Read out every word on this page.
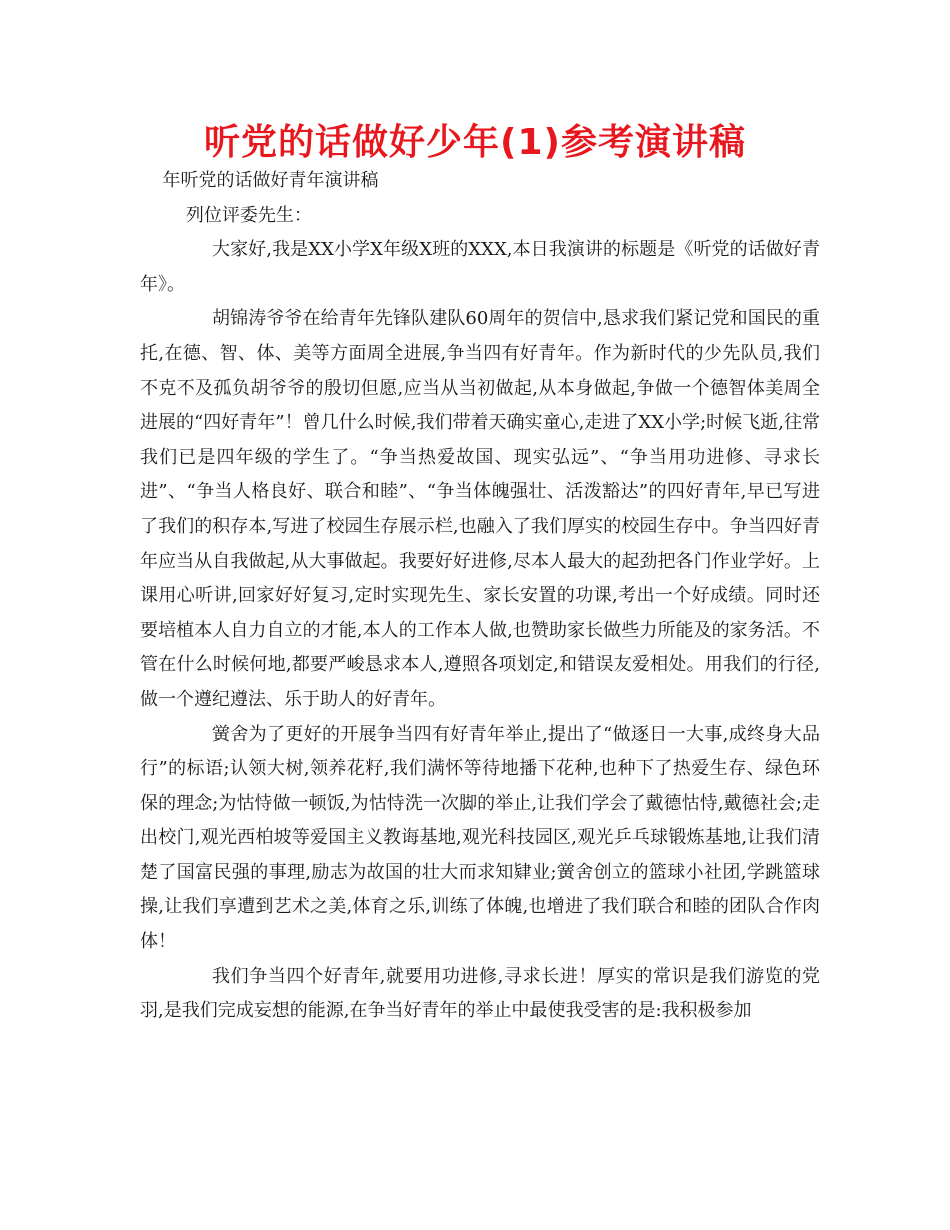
听党的话做好少年(1)参考演讲稿

年听党的话做好青年演讲稿

列位评委先生：

大家好,我是XX小学X年级X班的XXX,本日我演讲的标题是《听党的话做好青年》。

胡锦涛爷爷在给青年先锋队建队60周年的贺信中,恳求我们紧记党和国民的重托,在德、智、体、美等方面周全进展,争当四有好青年。作为新时代的少先队员,我们不克不及孤负胡爷爷的殷切但愿,应当从当初做起,从本身做起,争做一个德智体美周全进展的“四好青年”！曾几什么时候,我们带着天确实童心,走进了XX小学;时候飞逝,往常我们已是四年级的学生了。“争当热爱故国、现实弘远”、“争当用功进修、寻求长进”、“争当人格良好、联合和睦”、“争当体魄强壮、活泼豁达”的四好青年,早已写进了我们的积存本,写进了校园生存展示栏,也融入了我们厚实的校园生存中。争当四好青年应当从自我做起,从大事做起。我要好好进修,尽本人最大的起劲把各门作业学好。上课用心听讲,回家好好复习,定时实现先生、家长安置的功课,考出一个好成绩。同时还要培植本人自力自立的才能,本人的工作本人做,也赞助家长做些力所能及的家务活。不管在什么时候何地,都要严峻恳求本人,遵照各项划定,和错误友爱相处。用我们的行径,做一个遵纪遵法、乐于助人的好青年。

黉舍为了更好的开展争当四有好青年举止,提出了“做逐日一大事,成终身大品行”的标语;认领大树,领养花籽,我们满怀等待地播下花种,也种下了热爱生存、绿色环保的理念;为怙恃做一顿饭,为怙恃洗一次脚的举止,让我们学会了戴德怙恃,戴德社会;走出校门,观光西柏坡等爱国主义教诲基地,观光科技园区,观光乒乓球锻炼基地,让我们清楚了国富民强的事理,励志为故国的壮大而求知肄业;黉舍创立的篮球小社团,学跳篮球操,让我们享遭到艺术之美,体育之乐,训练了体魄,也增进了我们联合和睦的团队合作肉体！

我们争当四个好青年,就要用功进修,寻求长进！厚实的常识是我们游览的党羽,是我们完成妄想的能源,在争当好青年的举止中最使我受害的是:我积极参加
